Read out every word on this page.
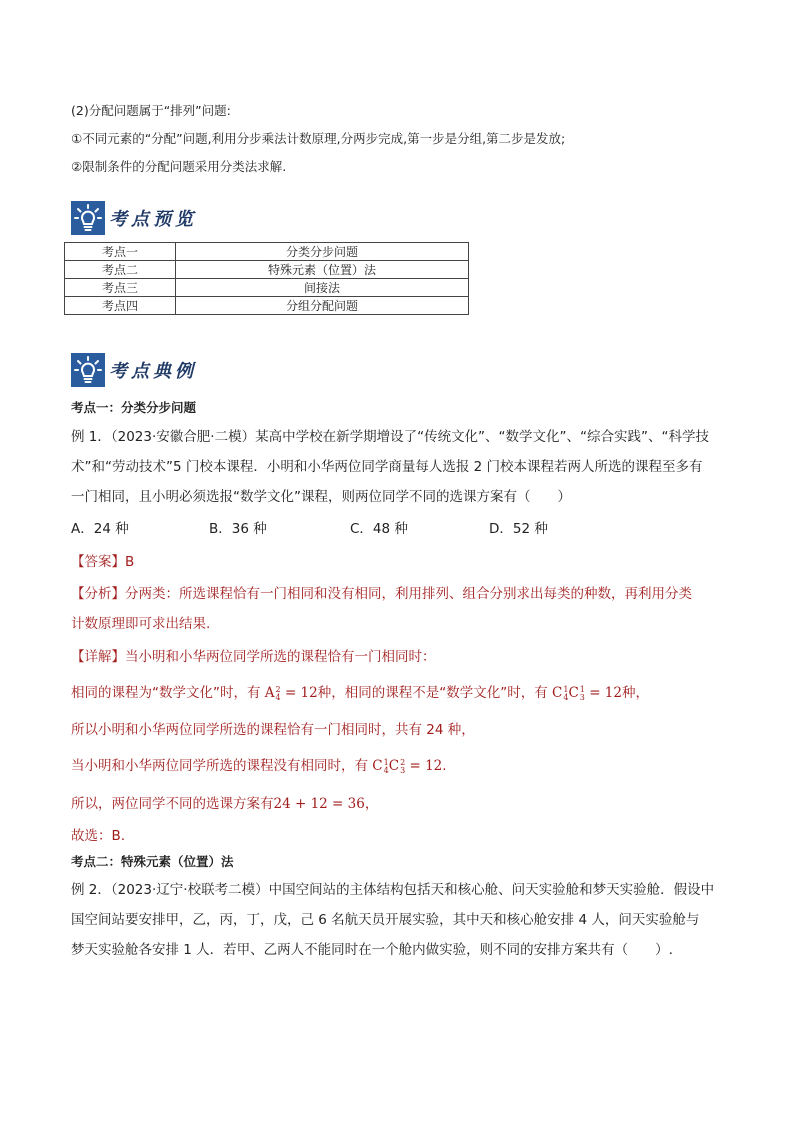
(2)分配问题属于“排列”问题:
①不同元素的“分配”问题,利用分步乘法计数原理,分两步完成,第一步是分组,第二步是发放;
②限制条件的分配问题采用分类法求解.
考点预览
考点一	分类分步问题
考点二	特殊元素（位置）法
考点三	间接法
考点四	分组分配问题
考点典例
考点一：分类分步问题
例 1．（2023·安徽合肥·二模）某高中学校在新学期增设了“传统文化”、“数学文化”、“综合实践”、“科学技
术”和“劳动技术”5 门校本课程．小明和小华两位同学商量每人选报 2 门校本课程若两人所选的课程至多有
一门相同，且小明必须选报“数学文化”课程，则两位同学不同的选课方案有（　　）
A．24 种	B．36 种	C．48 种	D．52 种
【答案】B
【分析】分两类：所选课程恰有一门相同和没有相同，利用排列、组合分别求出每类的种数，再利用分类
计数原理即可求出结果.
【详解】当小明和小华两位同学所选的课程恰有一门相同时：
相同的课程为“数学文化”时，有 A 2
4 = 12种，相同的课程不是“数学文化”时，有 C 1
4 C 1
3 = 12种，
所以小明和小华两位同学所选的课程恰有一门相同时，共有 24 种，
当小明和小华两位同学所选的课程没有相同时，有 C 1
4 C 2
3 = 12.
所以，两位同学不同的选课方案有24 + 12 = 36，
故选：B.
考点二：特殊元素（位置）法
例 2．（2023·辽宁·校联考二模）中国空间站的主体结构包括天和核心舱、问天实验舱和梦天实验舱．假设中
国空间站要安排甲，乙，丙，丁，戊，己 6 名航天员开展实验，其中天和核心舱安排 4 人，问天实验舱与
梦天实验舱各安排 1 人．若甲、乙两人不能同时在一个舱内做实验，则不同的安排方案共有（　　）.
